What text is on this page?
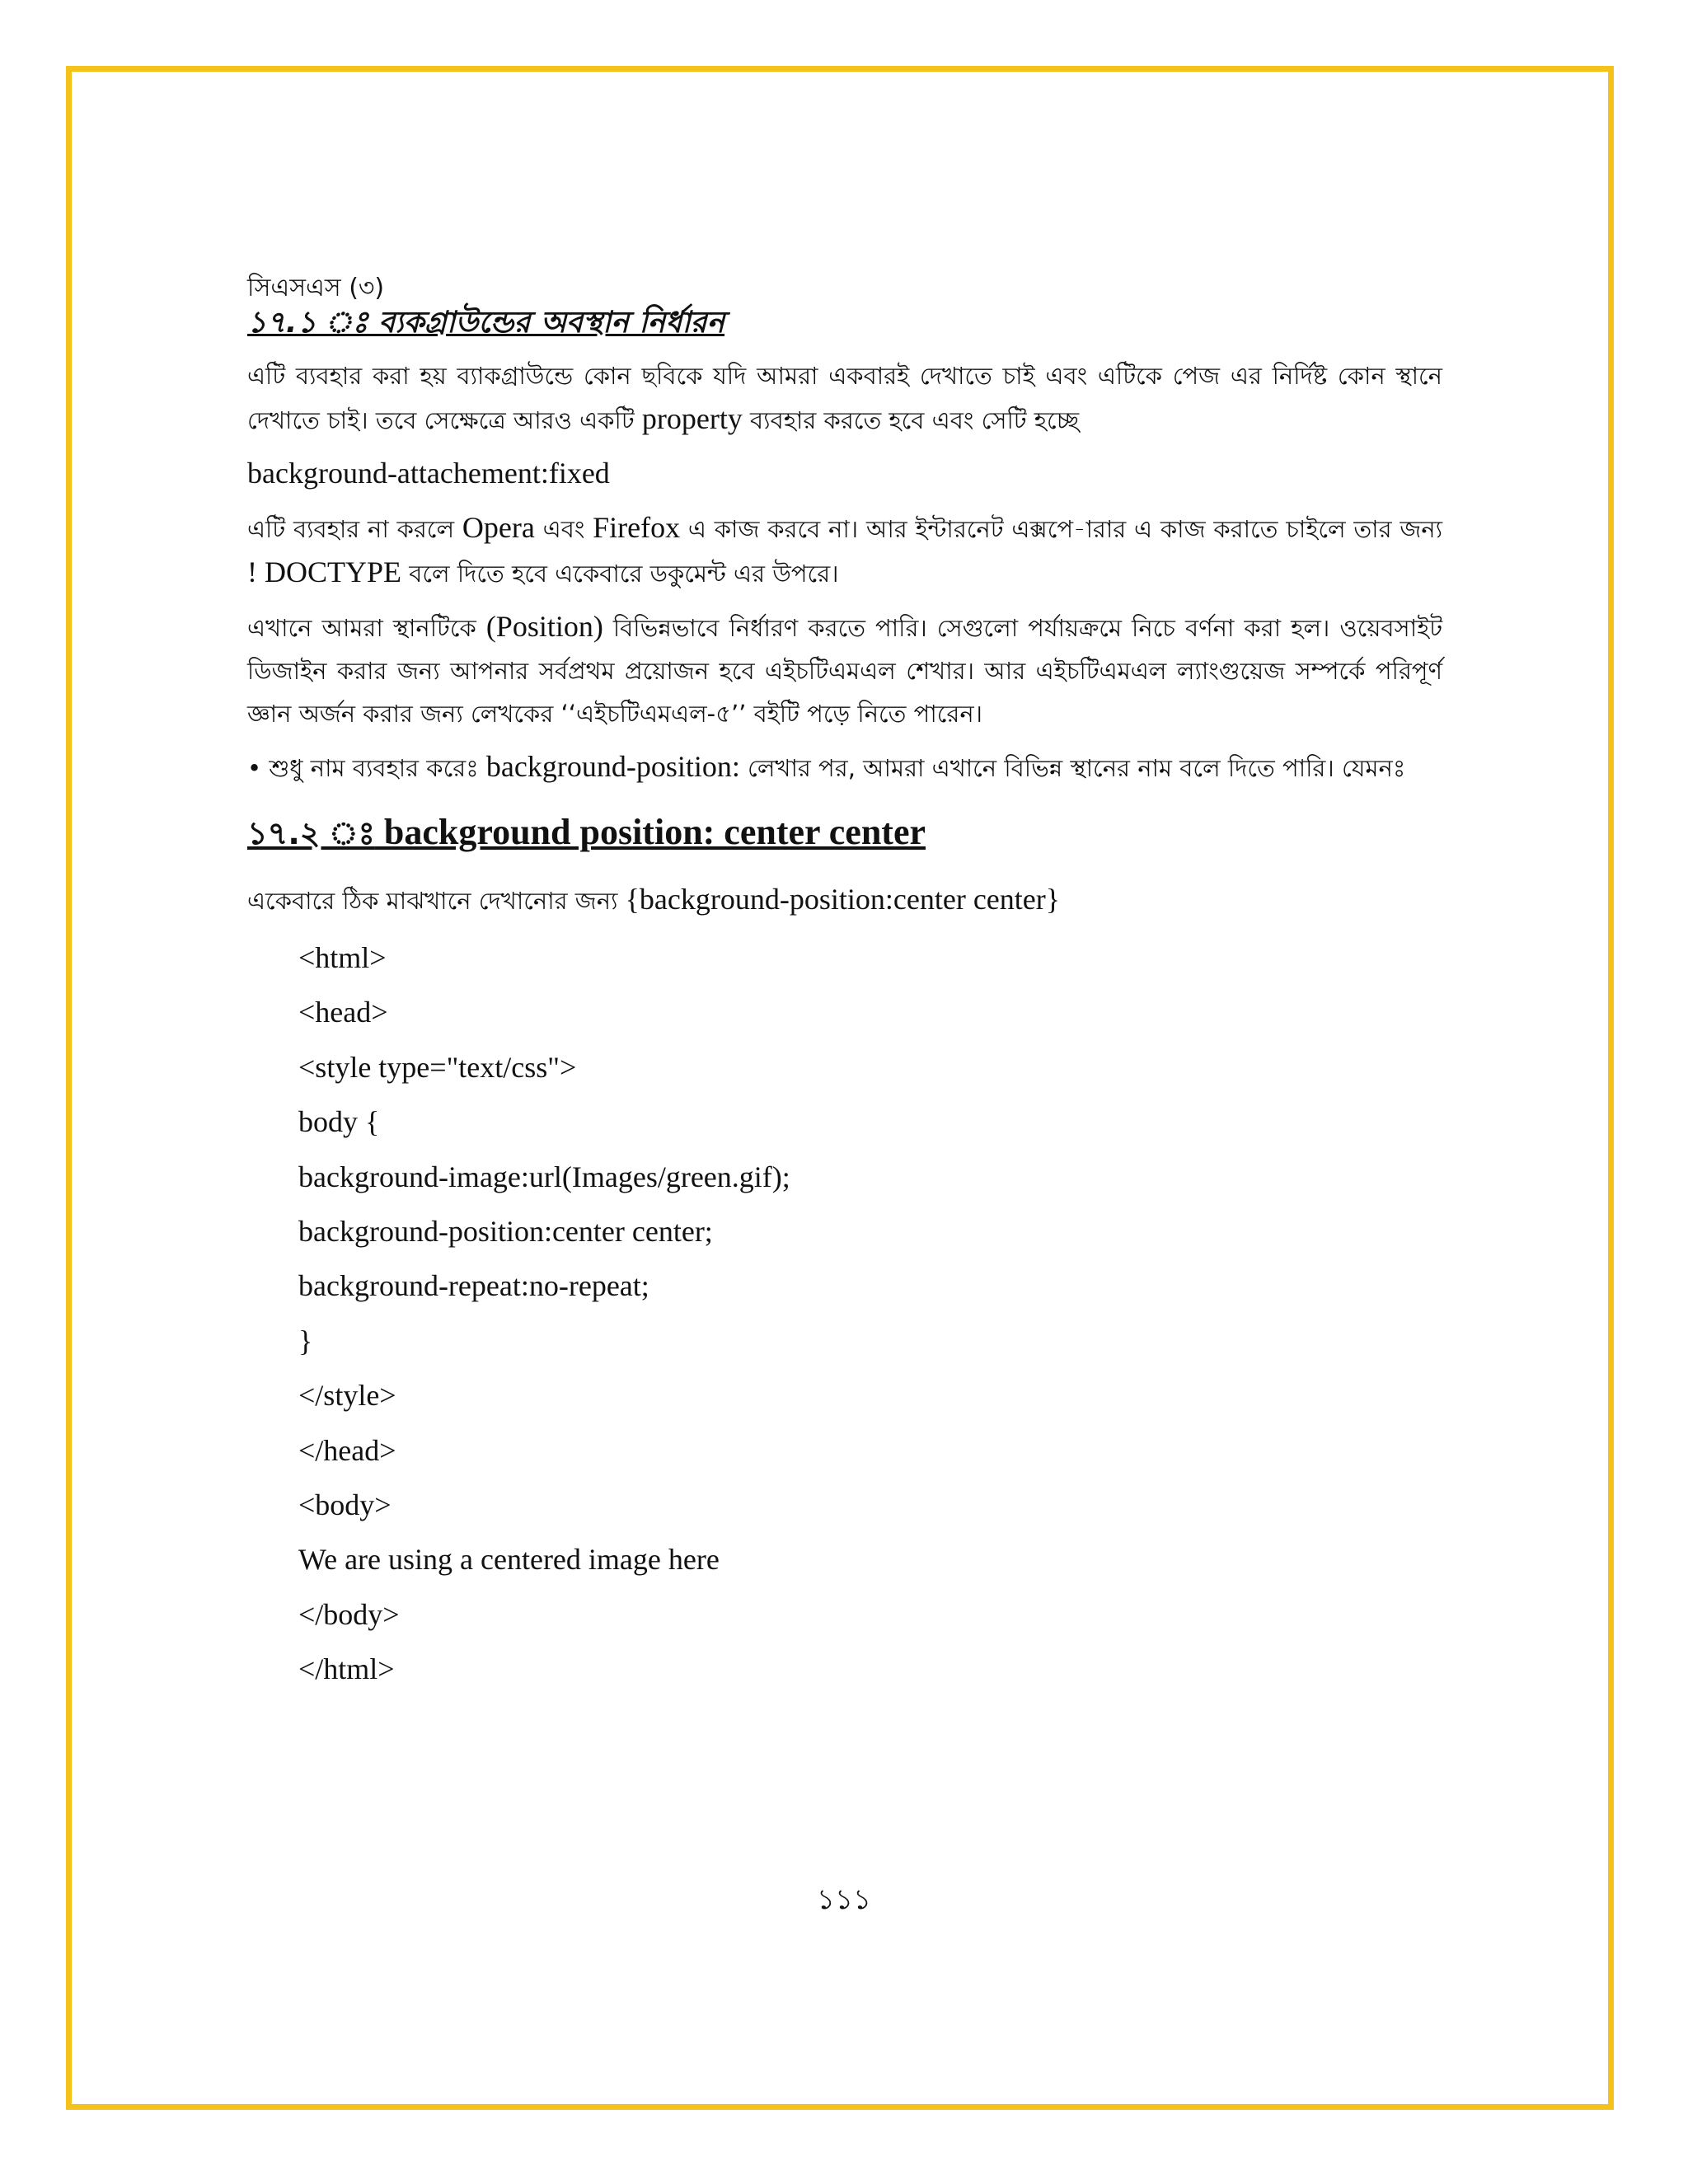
সিএসএস (৩)

১৭.১ ঃ ব্যকগ্রাউন্ডের অবস্থান নির্ধারন

এটি ব্যবহার করা হয় ব্যাকগ্রাউন্ডে কোন ছবিকে যদি আমরা একবারই দেখাতে চাই এবং এটিকে পেজ এর নির্দিষ্ট কোন স্থানে দেখাতে চাই। তবে সেক্ষেত্রে আরও একটি property ব্যবহার করতে হবে এবং সেটি হচ্ছে

background-attachement:fixed

এটি ব্যবহার না করলে Opera এবং Firefox এ কাজ করবে না। আর ইন্টারনেট এক্সপে-ারার এ কাজ করাতে চাইলে তার জন্য ! DOCTYPE বলে দিতে হবে একেবারে ডকুমেন্ট এর উপরে।

এখানে আমরা স্থানটিকে (Position) বিভিন্নভাবে নির্ধারণ করতে পারি। সেগুলো পর্যায়ক্রমে নিচে বর্ণনা করা হল। ওয়েবসাইট ডিজাইন করার জন্য আপনার সর্বপ্রথম প্রয়োজন হবে এইচটিএমএল শেখার। আর এইচটিএমএল ল্যাংগুয়েজ সম্পর্কে পরিপূর্ণ জ্ঞান অর্জন করার জন্য লেখকের ‘‘এইচটিএমএল-৫’’ বইটি পড়ে নিতে পারেন।

• শুধু নাম ব্যবহার করেঃ background-position: লেখার পর, আমরা এখানে বিভিন্ন স্থানের নাম বলে দিতে পারি। যেমনঃ

১৭.২ ঃ background position: center center

একেবারে ঠিক মাঝখানে দেখানোর জন্য {background-position:center center}

<html>

<head>

<style type="text/css">

body {

background-image:url(Images/green.gif);

background-position:center center;

background-repeat:no-repeat;

}

</style>

</head>

<body>

We are using a centered image here

</body>

</html>

১১১
